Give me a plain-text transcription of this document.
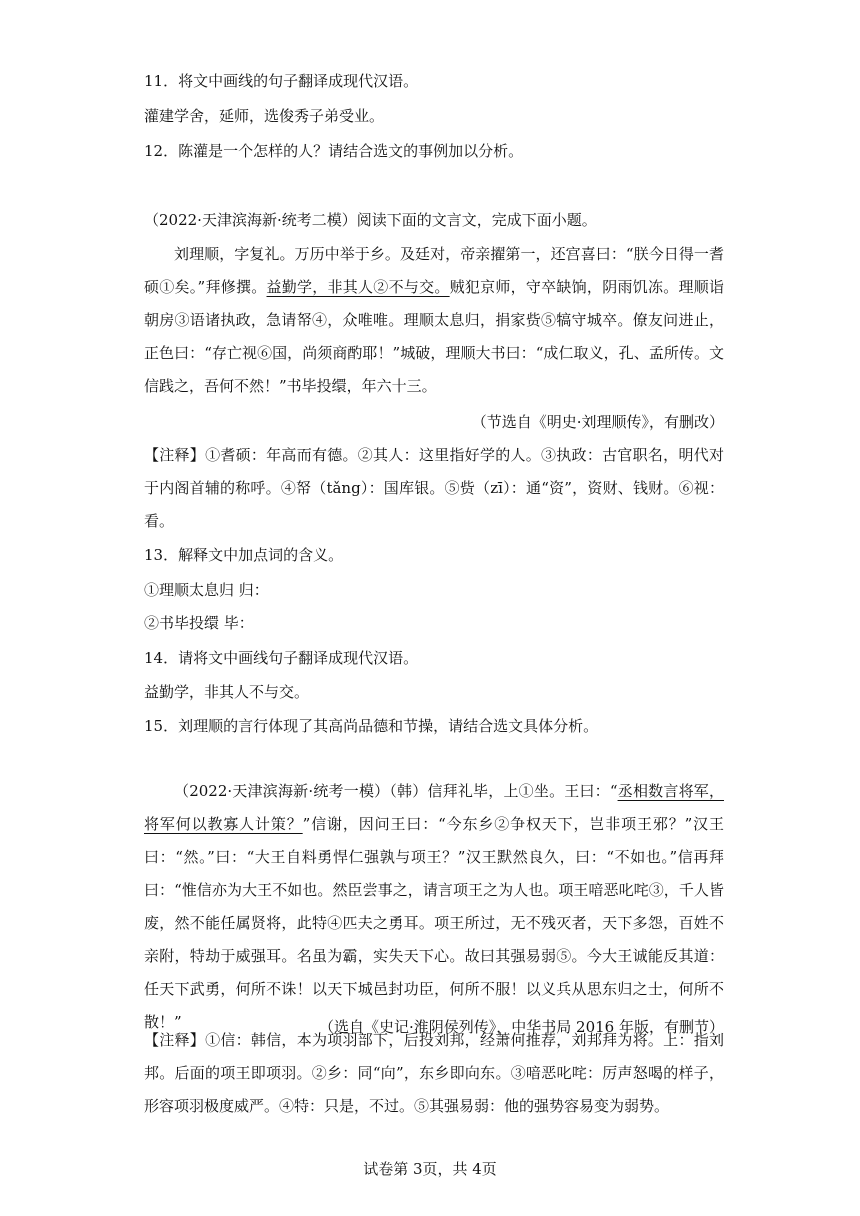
11．将文中画线的句子翻译成现代汉语。
灌建学舍，延师，选俊秀子弟受业。
12．陈灌是一个怎样的人？请结合选文的事例加以分析。
（2022·天津滨海新·统考二模）阅读下面的文言文，完成下面小题。
刘理顺，字复礼。万历中举于乡。及廷对，帝亲擢第一，还宫喜曰：“朕今日得一耆硕①矣。”拜修撰。益勤学，非其人②不与交。贼犯京师，守卒缺饷，阴雨饥冻。理顺诣朝房③语诸执政，急请帑④，众唯唯。理顺太息归，捐家赀⑤犒守城卒。僚友问进止，正色曰：“存亡视⑥国，尚须商酌耶！”城破，理顺大书曰：“成仁取义，孔、孟所传。文信践之，吾何不然！”书毕投缳，年六十三。
（节选自《明史·刘理顺传》，有删改）
【注释】①耆硕：年高而有德。②其人：这里指好学的人。③执政：古官职名，明代对于内阁首辅的称呼。④帑（tǎng）：国库银。⑤赀（zī）：通“资”，资财、钱财。⑥视：看。
13．解释文中加点词的含义。
①理顺太息归 归：
②书毕投缳 毕：
14．请将文中画线句子翻译成现代汉语。
益勤学，非其人不与交。
15．刘理顺的言行体现了其高尚品德和节操，请结合选文具体分析。
（2022·天津滨海新·统考一模）（韩）信拜礼毕，上①坐。王曰：“丞相数言将军，将军何以教寡人计策？”信谢，因问王曰：“今东乡②争权天下，岂非项王邪？”汉王曰：“然。”曰：“大王自料勇悍仁强孰与项王？”汉王默然良久，曰：“不如也。”信再拜曰：“惟信亦为大王不如也。然臣尝事之，请言项王之为人也。项王喑恶叱咤③，千人皆废，然不能任属贤将，此特④匹夫之勇耳。项王所过，无不残灭者，天下多怨，百姓不亲附，特劫于威强耳。名虽为霸，实失天下心。故曰其强易弱⑤。今大王诚能反其道：任天下武勇，何所不诛！以天下城邑封功臣，何所不服！以义兵从思东归之士，何所不散！”	（选自《史记·淮阴侯列传》，中华书局 2016 年版，有删节）
【注释】①信：韩信，本为项羽部下，后投刘邦，经萧何推荐，刘邦拜为将。上：指刘邦。后面的项王即项羽。②乡：同“向”，东乡即向东。③喑恶叱咤：厉声怒喝的样子，形容项羽极度威严。④特：只是，不过。⑤其强易弱：他的强势容易变为弱势。
试卷第 3页，共 4页
